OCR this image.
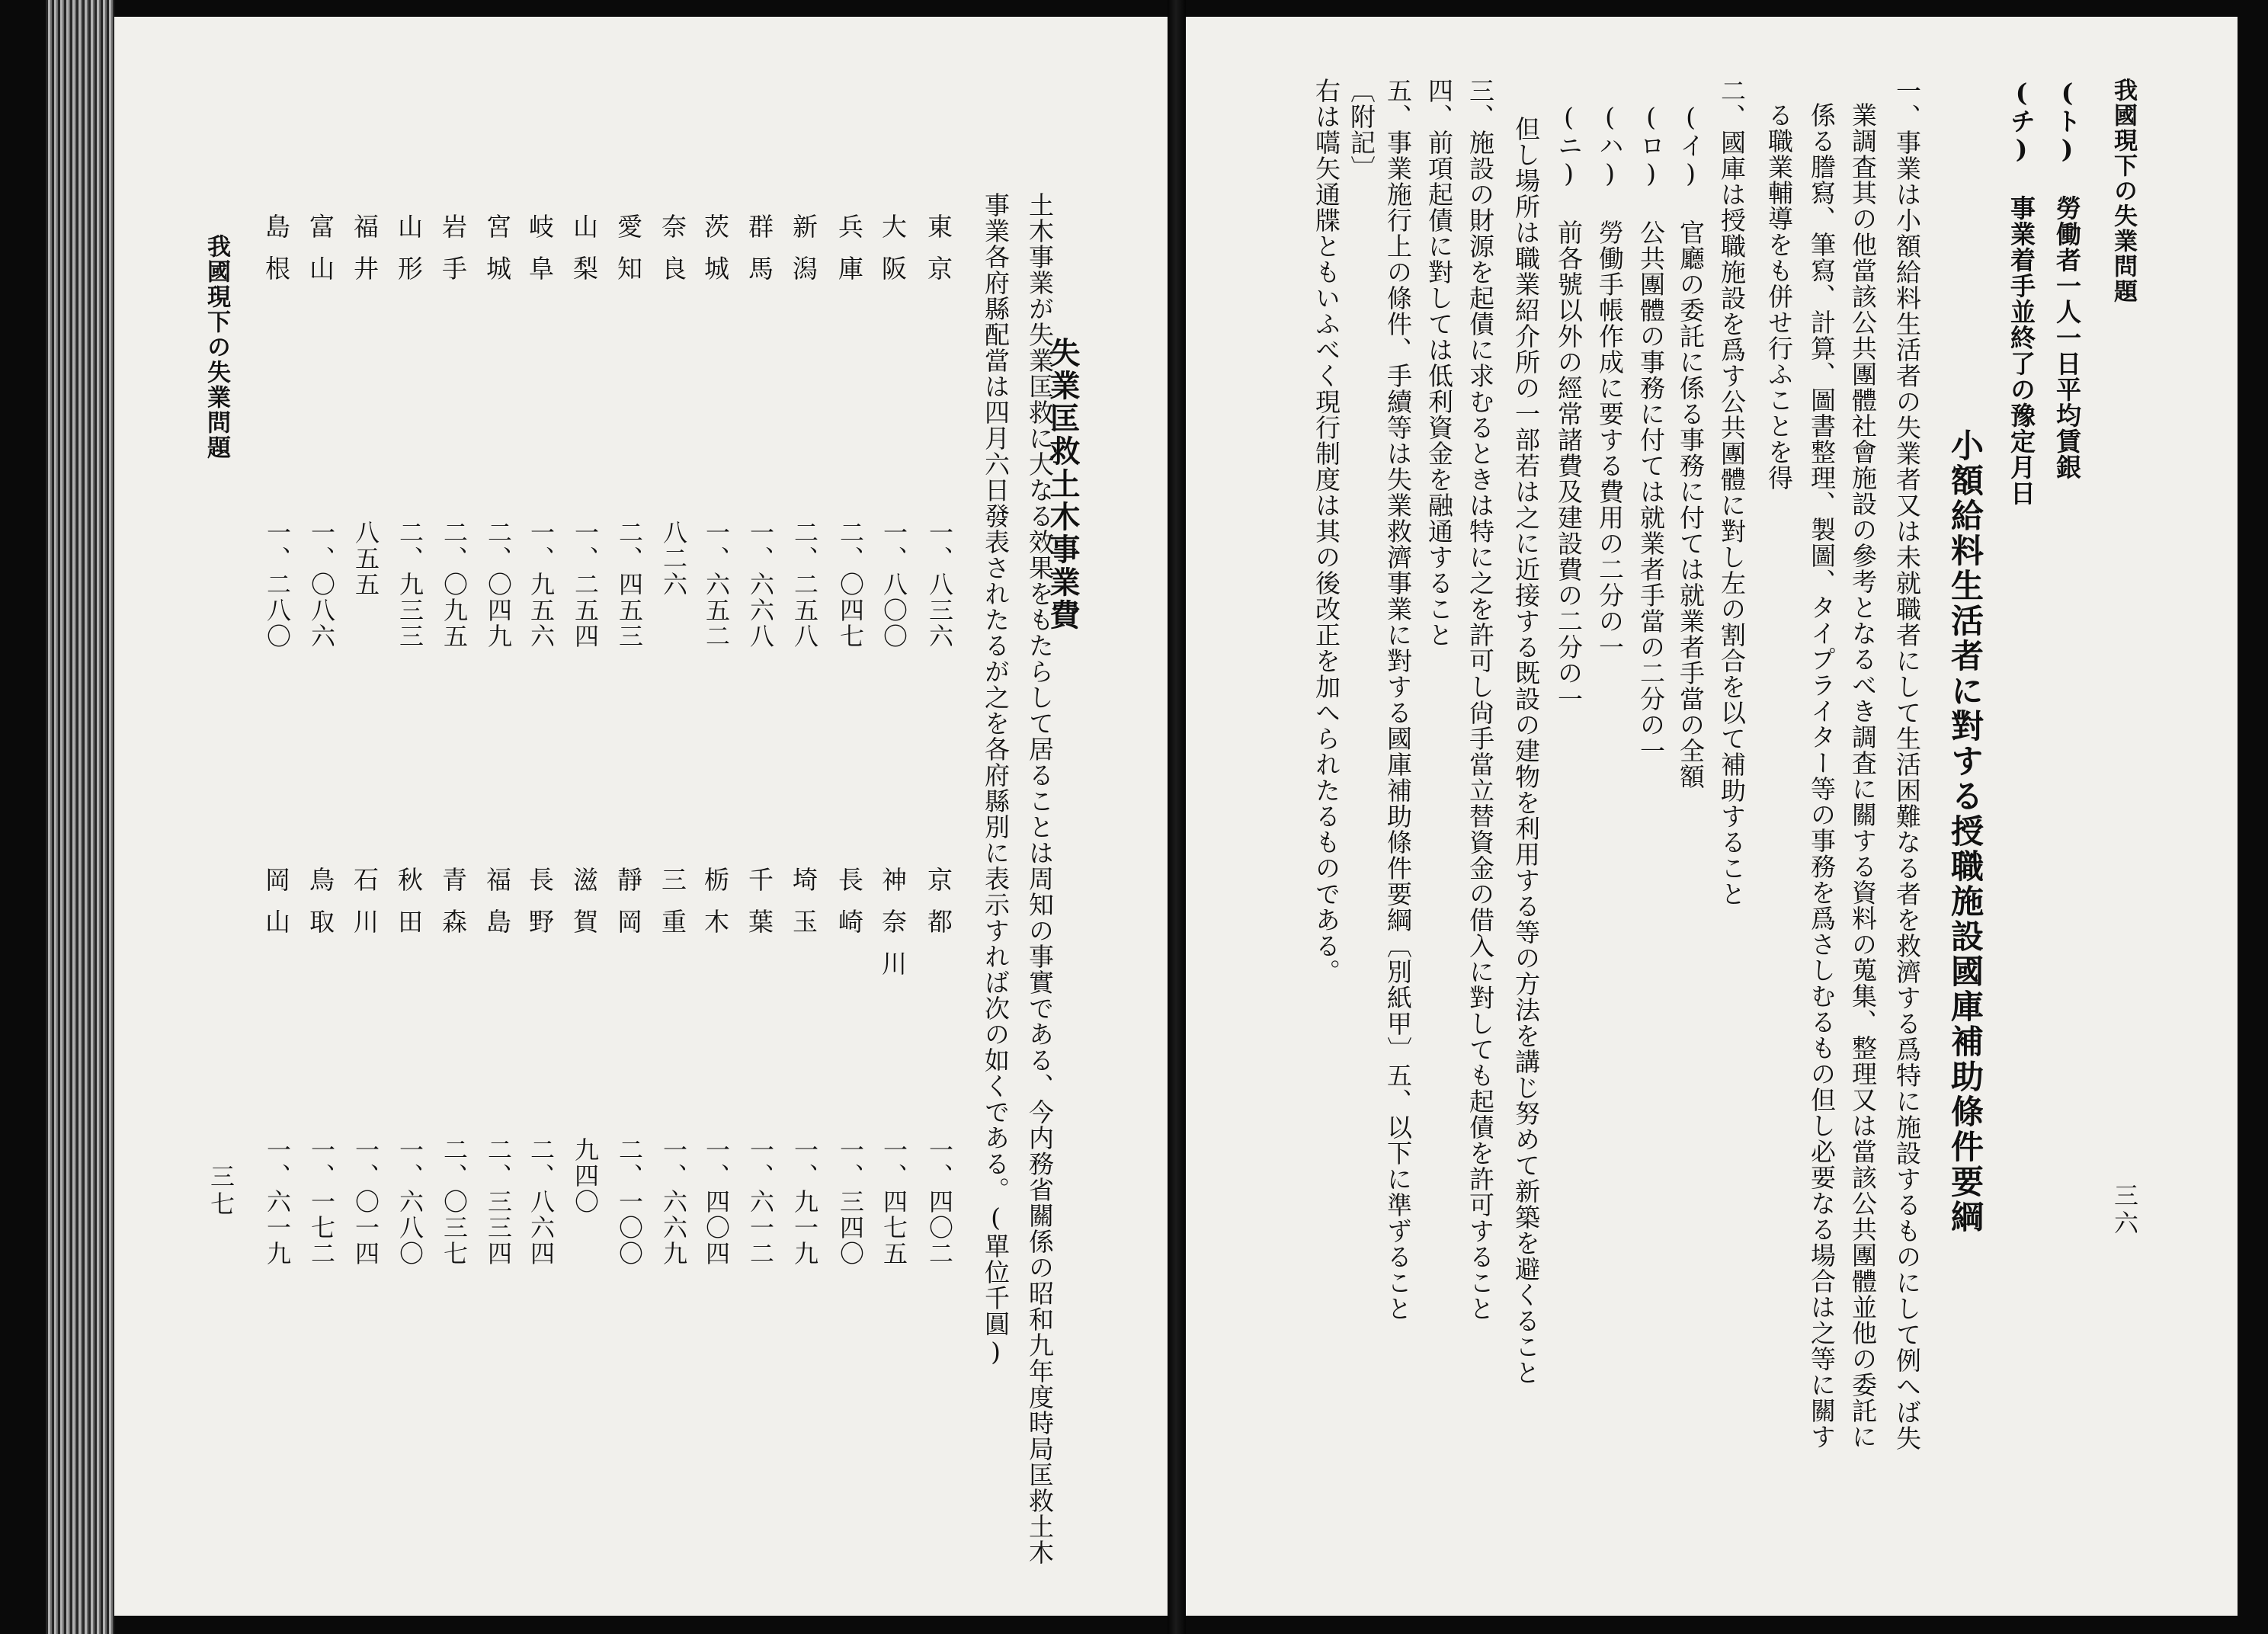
我國現下の失業問題
三七
東京
一、八三六
大阪
一、八〇〇
兵庫
二、〇四七
新潟
二、二五八
群馬
一、六六八
茨城
一、六五二
奈良
八二六
愛知
二、四五三
山梨
一、二五四
岐阜
一、九五六
宮城
二、〇四九
岩手
二、〇九五
山形
二、九三三
福井
八五五
富山
一、〇八六
島根
一、二八〇
京都
一、四〇二
神奈川
一、四七五
長崎
一、三四〇
埼玉
一、九一九
千葉
一、六一二
栃木
一、四〇四
三重
一、六六九
靜岡
二、一〇〇
滋賀
九四〇
長野
二、八六四
福島
二、三三四
青森
二、〇三七
秋田
一、六八〇
石川
一、〇一四
鳥取
一、一七二
岡山
一、六一九	事業各府縣配當は四月六日發表されたるが之を各府縣別に表示すれば次の如くである。(單位千圓) 土木事業が失業匡救に大なる效果をもたらして居ることは周知の事實である、今内務省關係の昭和九年度時局匡救土木
失業匡救土木事業費
我國現下の失業問題
三六
(ト) 勞働者一人一日平均賃銀
(チ) 事業着手並終了の豫定月日
小額給料生活者に對する授職施設國庫補助條件要綱
一、事業は小額給料生活者の失業者又は未就職者にして生活困難なる者を救濟する爲特に施設するものにして例へば失
業調査其の他當該公共團體社會施設の參考となるべき調査に關する資料の蒐集、整理又は當該公共團體並他の委託に
係る謄寫、筆寫、計算、圖書整理、製圖、タイプライター等の事務を爲さしむるもの但し必要なる場合は之等に關す
る職業輔導をも併せ行ふことを得
二、國庫は授職施設を爲す公共團體に對し左の割合を以て補助すること
(イ) 官廳の委託に係る事務に付ては就業者手當の全額
(ロ) 公共團體の事務に付ては就業者手當の二分の一
(ハ) 勞働手帳作成に要する費用の二分の一
(ニ) 前各號以外の經常諸費及建設費の二分の一
但し場所は職業紹介所の一部若は之に近接する既設の建物を利用する等の方法を講じ努めて新築を避くること
三、施設の財源を起債に求むるときは特に之を許可し尙手當立替資金の借入に對しても起債を許可すること
四、前項起債に對しては低利資金を融通すること
五、事業施行上の條件、手續等は失業救濟事業に對する國庫補助條件要綱〔別紙甲〕五、以下に準ずること
〔附記〕
右は嚆矢通牒ともいふべく現行制度は其の後改正を加へられたるものである。
